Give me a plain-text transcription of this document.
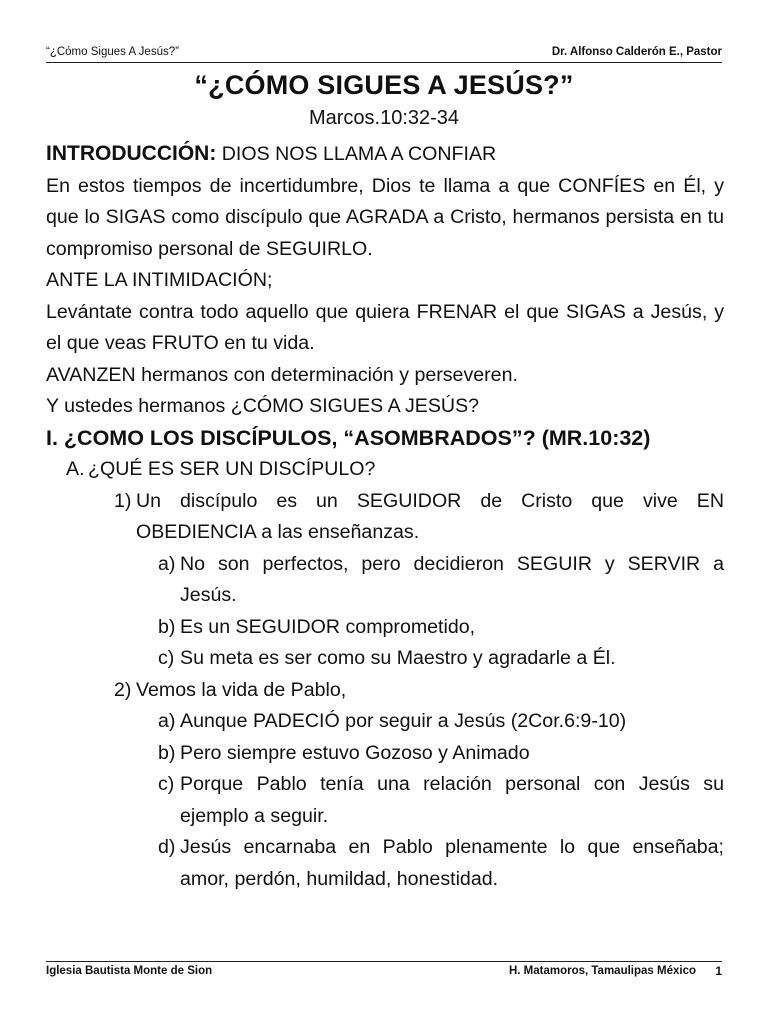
“¿Cómo Sigues A Jesús?”	Dr. Alfonso Calderón E., Pastor
“¿CÓMO SIGUES A JESÚS?”
Marcos.10:32-34

INTRODUCCIÓN: DIOS NOS LLAMA A CONFIAR

En estos tiempos de incertidumbre, Dios te llama a que CONFÍES en Él, y que lo SIGAS como discípulo que AGRADA a Cristo, hermanos persista en tu compromiso personal de SEGUIRLO.

ANTE LA INTIMIDACIÓN;

Levántate contra todo aquello que quiera FRENAR el que SIGAS a Jesús, y el que veas FRUTO en tu vida.

AVANZEN hermanos con determinación y perseveren.

Y ustedes hermanos ¿CÓMO SIGUES A JESÚS?

I. ¿COMO LOS DISCÍPULOS, “ASOMBRADOS”? (MR.10:32)

A. ¿QUÉ ES SER UN DISCÍPULO?
1) Un discípulo es un SEGUIDOR de Cristo que vive EN OBEDIENCIA a las enseñanzas.
a) No son perfectos, pero decidieron SEGUIR y SERVIR a Jesús.
b) Es un SEGUIDOR comprometido,
c) Su meta es ser como su Maestro y agradarle a Él.
2) Vemos la vida de Pablo,
a) Aunque PADECIÓ por seguir a Jesús (2Cor.6:9-10)
b) Pero siempre estuvo Gozoso y Animado
c) Porque Pablo tenía una relación personal con Jesús su ejemplo a seguir.
d) Jesús encarnaba en Pablo plenamente lo que enseñaba; amor, perdón, humildad, honestidad.
Iglesia Bautista Monte de Sion	H. Matamoros, Tamaulipas México 1
